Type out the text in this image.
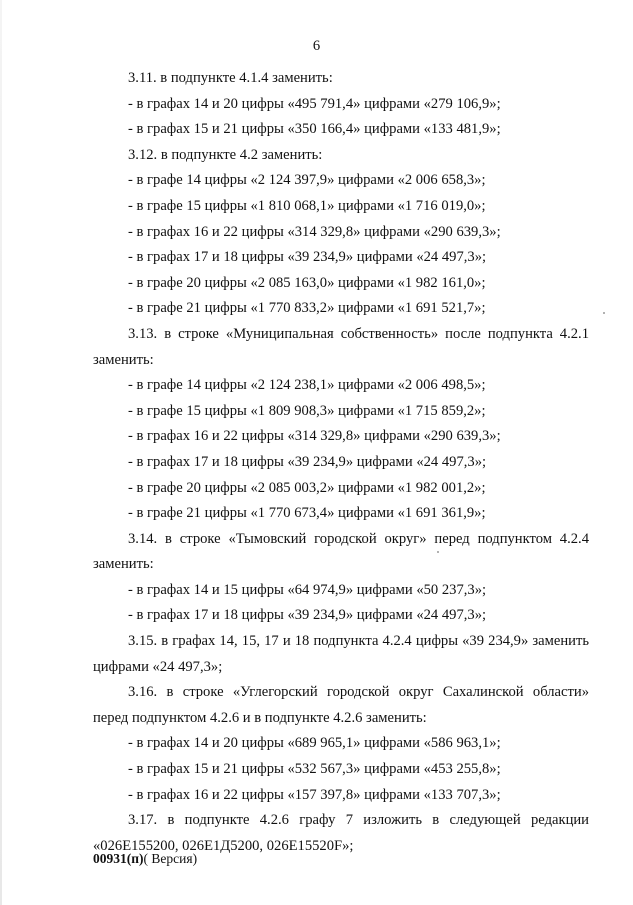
6
3.11. в подпункте 4.1.4 заменить:
- в графах 14 и 20 цифры «495 791,4» цифрами «279 106,9»;
- в графах 15 и 21 цифры «350 166,4» цифрами «133 481,9»;
3.12. в подпункте 4.2 заменить:
- в графе 14 цифры «2 124 397,9» цифрами «2 006 658,3»;
- в графе 15 цифры «1 810 068,1» цифрами «1 716 019,0»;
- в графах 16 и 22 цифры «314 329,8» цифрами «290 639,3»;
- в графах 17 и 18 цифры «39 234,9» цифрами «24 497,3»;
- в графе 20 цифры «2 085 163,0» цифрами «1 982 161,0»;
- в графе 21 цифры «1 770 833,2» цифрами «1 691 521,7»;
3.13. в строке «Муниципальная собственность» после подпункта 4.2.1
заменить:
- в графе 14 цифры «2 124 238,1» цифрами «2 006 498,5»;
- в графе 15 цифры «1 809 908,3» цифрами «1 715 859,2»;
- в графах 16 и 22 цифры «314 329,8» цифрами «290 639,3»;
- в графах 17 и 18 цифры «39 234,9» цифрами «24 497,3»;
- в графе 20 цифры «2 085 003,2» цифрами «1 982 001,2»;
- в графе 21 цифры «1 770 673,4» цифрами «1 691 361,9»;
3.14. в строке «Тымовский городской округ» перед подпунктом 4.2.4
заменить:
- в графах 14 и 15 цифры «64 974,9» цифрами «50 237,3»;
- в графах 17 и 18 цифры «39 234,9» цифрами «24 497,3»;
3.15. в графах 14, 15, 17 и 18 подпункта 4.2.4 цифры «39 234,9» заменить
цифрами «24 497,3»;
3.16. в строке «Углегорский городской округ Сахалинской области»
перед подпунктом 4.2.6 и в подпункте 4.2.6 заменить:
- в графах 14 и 20 цифры «689 965,1» цифрами «586 963,1»;
- в графах 15 и 21 цифры «532 567,3» цифрами «453 255,8»;
- в графах 16 и 22 цифры «157 397,8» цифрами «133 707,3»;
3.17. в подпункте 4.2.6 графу 7 изложить в следующей редакции
«026Е155200, 026Е1Д5200, 026Е15520F»;
00931(п)( Версия)
